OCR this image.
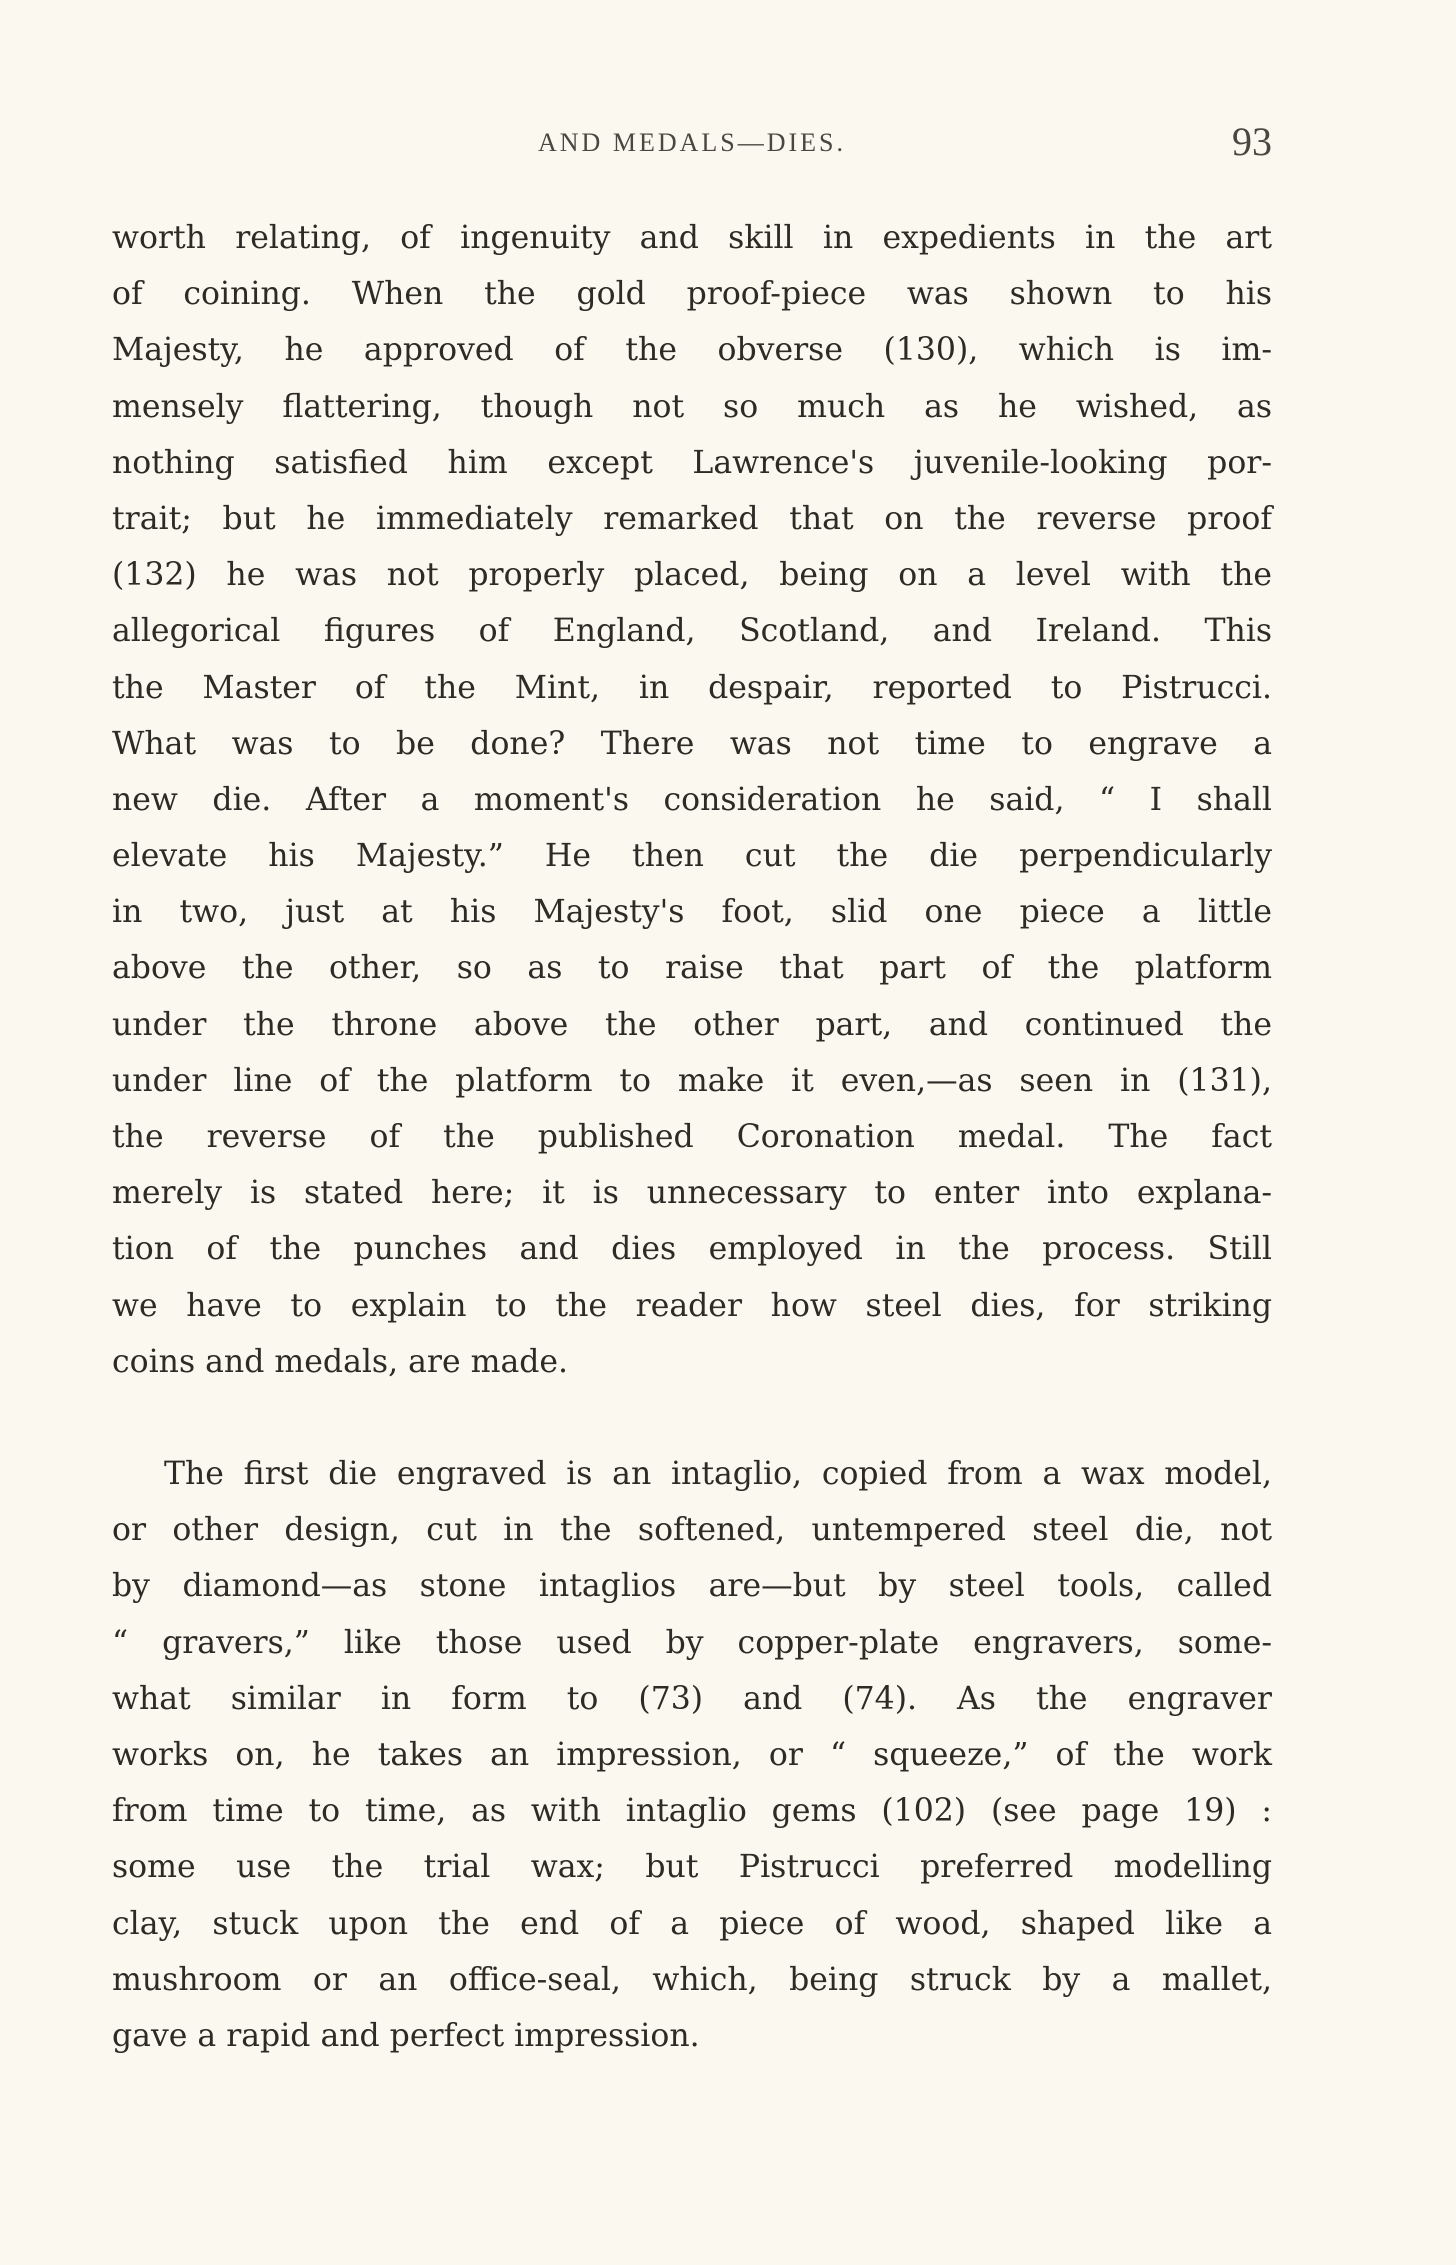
AND MEDALS—DIES.	93
worth relating, of ingenuity and skill in expedients in the art
of coining. When the gold proof-piece was shown to his
Majesty, he approved of the obverse (130), which is im-
mensely flattering, though not so much as he wished, as
nothing satisfied him except Lawrence's juvenile-looking por-
trait; but he immediately remarked that on the reverse proof
(132) he was not properly placed, being on a level with the
allegorical figures of England, Scotland, and Ireland. This
the Master of the Mint, in despair, reported to Pistrucci.
What was to be done? There was not time to engrave a
new die. After a moment's consideration he said, “ I shall
elevate his Majesty.” He then cut the die perpendicularly
in two, just at his Majesty's foot, slid one piece a little
above the other, so as to raise that part of the platform
under the throne above the other part, and continued the
under line of the platform to make it even,—as seen in (131),
the reverse of the published Coronation medal. The fact
merely is stated here; it is unnecessary to enter into explana-
tion of the punches and dies employed in the process. Still
we have to explain to the reader how steel dies, for striking
coins and medals, are made.
The first die engraved is an intaglio, copied from a wax model,
or other design, cut in the softened, untempered steel die, not
by diamond—as stone intaglios are—but by steel tools, called
“ gravers,” like those used by copper-plate engravers, some-
what similar in form to (73) and (74). As the engraver
works on, he takes an impression, or “ squeeze,” of the work
from time to time, as with intaglio gems (102) (see page 19) :
some use the trial wax; but Pistrucci preferred modelling
clay, stuck upon the end of a piece of wood, shaped like a
mushroom or an office-seal, which, being struck by a mallet,
gave a rapid and perfect impression.
